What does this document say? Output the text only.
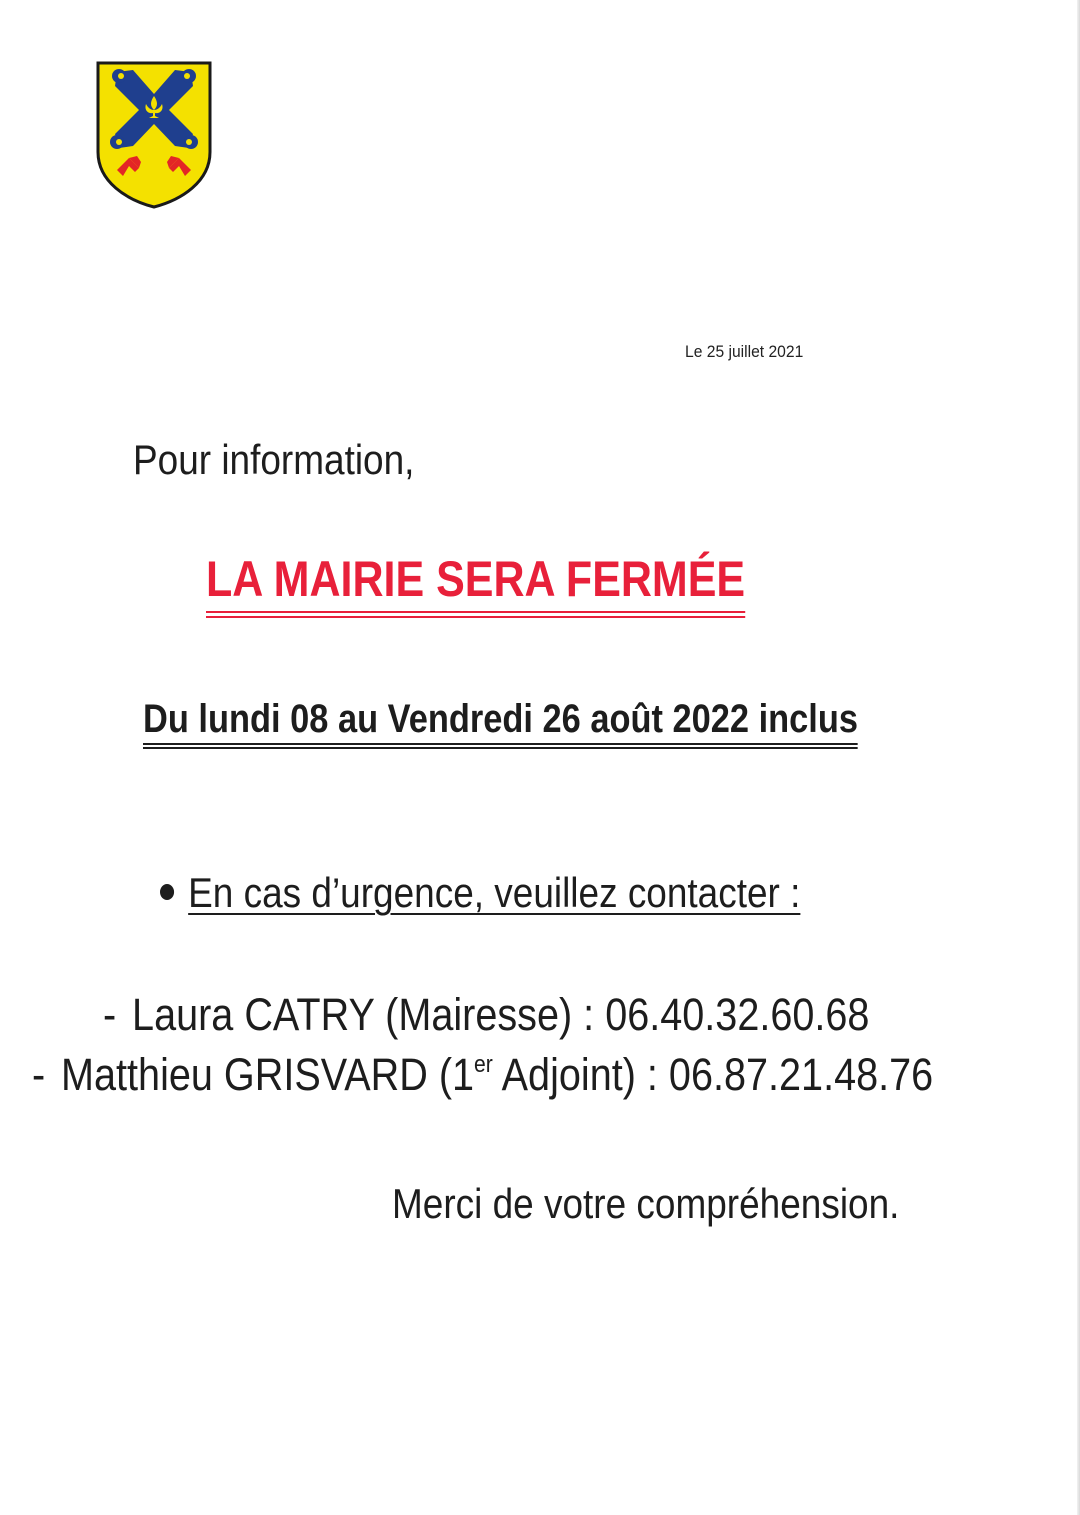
Le 25 juillet 2021
Pour information,
LA MAIRIE SERA FERMÉE
Du lundi 08 au Vendredi 26 août 2022 inclus
En cas d’urgence, veuillez contacter :
- Laura CATRY (Mairesse) : 06.40.32.60.68
- Matthieu GRISVARD (1er Adjoint) : 06.87.21.48.76
Merci de votre compréhension.
